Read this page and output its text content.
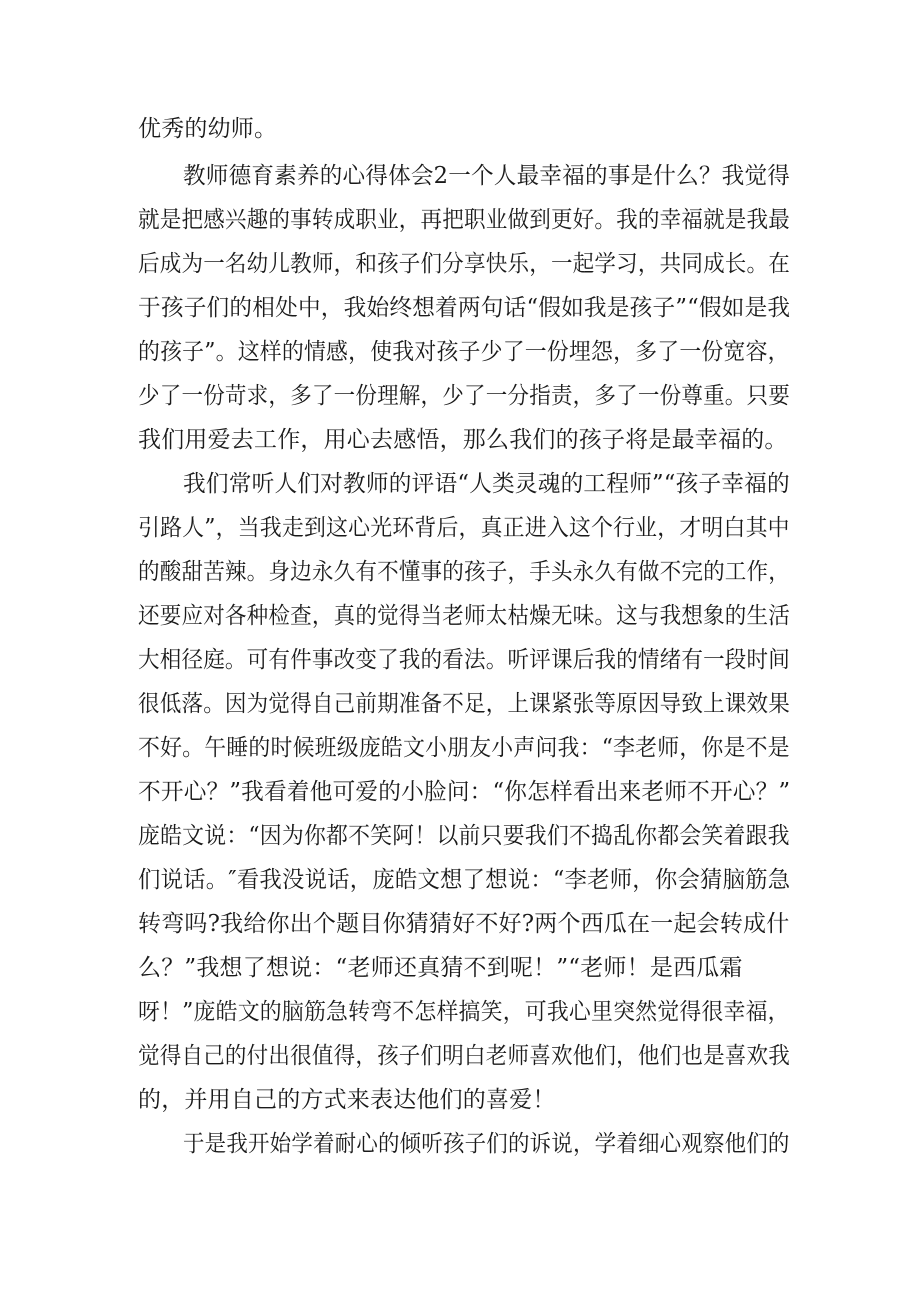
优秀的幼师。
教师德育素养的心得体会2一个人最幸福的事是什么？我觉得
就是把感兴趣的事转成职业，再把职业做到更好。我的幸福就是我最
后成为一名幼儿教师，和孩子们分享快乐，一起学习，共同成长。在
于孩子们的相处中，我始终想着两句话“假如我是孩子”“假如是我
的孩子”。这样的情感，使我对孩子少了一份埋怨，多了一份宽容，
少了一份苛求，多了一份理解，少了一分指责，多了一份尊重。只要
我们用爱去工作，用心去感悟，那么我们的孩子将是最幸福的。
我们常听人们对教师的评语“人类灵魂的工程师”“孩子幸福的
引路人”，当我走到这心光环背后，真正进入这个行业，才明白其中
的酸甜苦辣。身边永久有不懂事的孩子，手头永久有做不完的工作，
还要应对各种检查，真的觉得当老师太枯燥无味。这与我想象的生活
大相径庭。可有件事改变了我的看法。听评课后我的情绪有一段时间
很低落。因为觉得自己前期准备不足，上课紧张等原因导致上课效果
不好。午睡的时候班级庞皓文小朋友小声问我：“李老师，你是不是
不开心？”我看着他可爱的小脸问：“你怎样看出来老师不开心？”
庞皓文说：“因为你都不笑阿！以前只要我们不捣乱你都会笑着跟我
们说话。″看我没说话，庞皓文想了想说：“李老师，你会猜脑筋急
转弯吗?我给你出个题目你猜猜好不好?两个西瓜在一起会转成什
么？”我想了想说：“老师还真猜不到呢！”“老师！是西瓜霜
呀！”庞皓文的脑筋急转弯不怎样搞笑，可我心里突然觉得很幸福，
觉得自己的付出很值得，孩子们明白老师喜欢他们，他们也是喜欢我
的，并用自己的方式来表达他们的喜爱！
于是我开始学着耐心的倾听孩子们的诉说，学着细心观察他们的
